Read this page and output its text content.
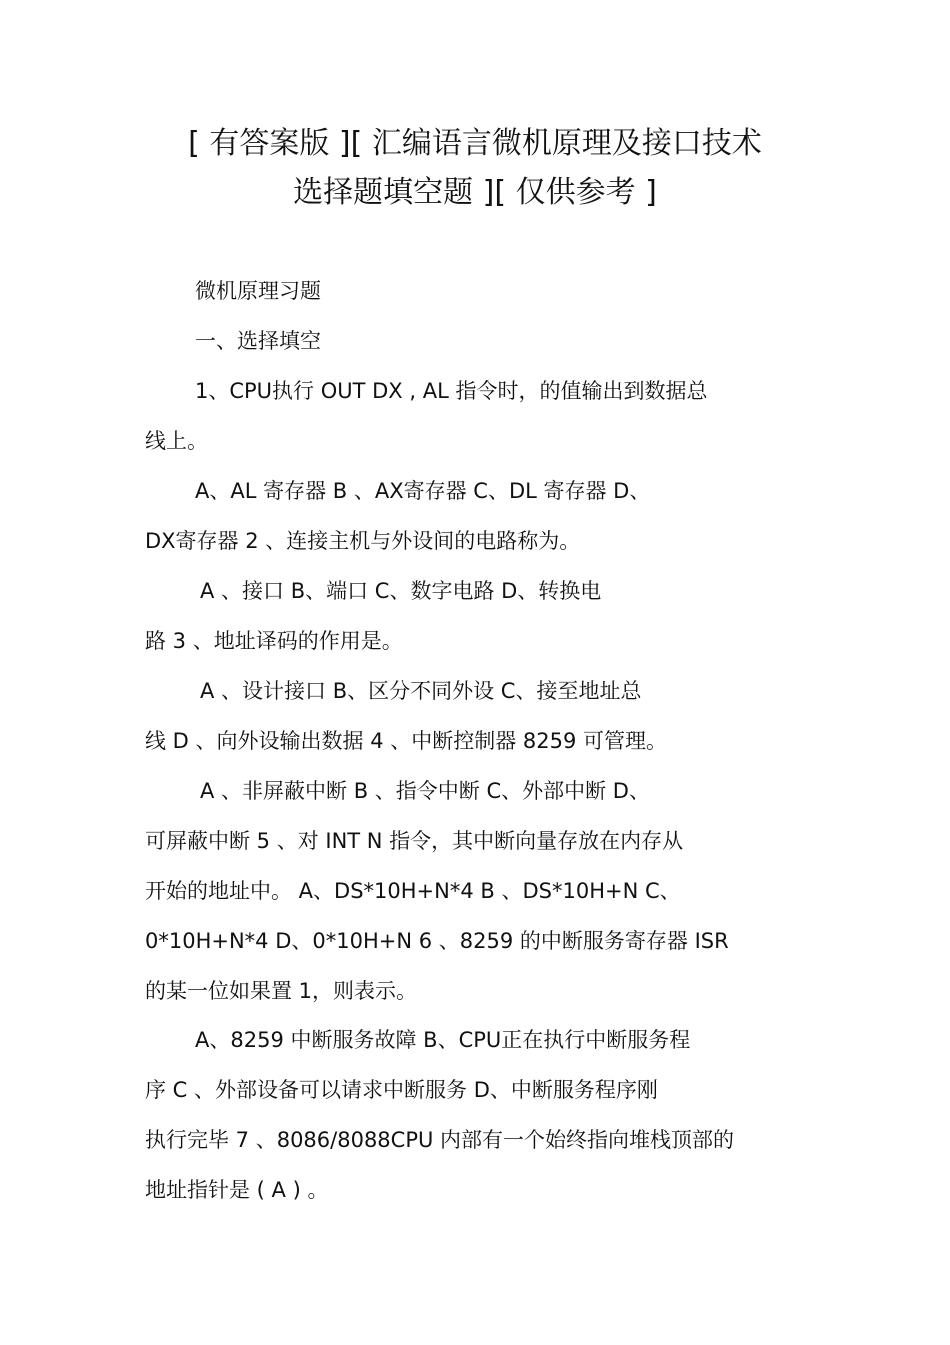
[ 有答案版 ][ 汇编语言微机原理及接口技术
选择题填空题 ][ 仅供参考 ]

微机原理习题

一、选择填空

1、CPU执行 OUT DX , AL 指令时，的值输出到数据总

线上。

A、AL 寄存器 B 、AX寄存器 C、DL 寄存器 D、

DX寄存器 2 、连接主机与外设间的电路称为。

A 、接口 B、端口 C、数字电路 D、转换电

路 3 、地址译码的作用是。

A 、设计接口 B、区分不同外设 C、接至地址总

线 D 、向外设输出数据 4 、中断控制器 8259 可管理。

A 、非屏蔽中断 B 、指令中断 C、外部中断 D、

可屏蔽中断 5 、对 INT N 指令，其中断向量存放在内存从

开始的地址中。 A、DS*10H+N*4 B 、DS*10H+N C、

0*10H+N*4 D、0*10H+N 6 、8259 的中断服务寄存器 ISR

的某一位如果置 1，则表示。

A、8259 中断服务故障 B、CPU正在执行中断服务程

序 C 、外部设备可以请求中断服务 D、中断服务程序刚

执行完毕 7 、8086/8088CPU 内部有一个始终指向堆栈顶部的

地址指针是 ( A ) 。
